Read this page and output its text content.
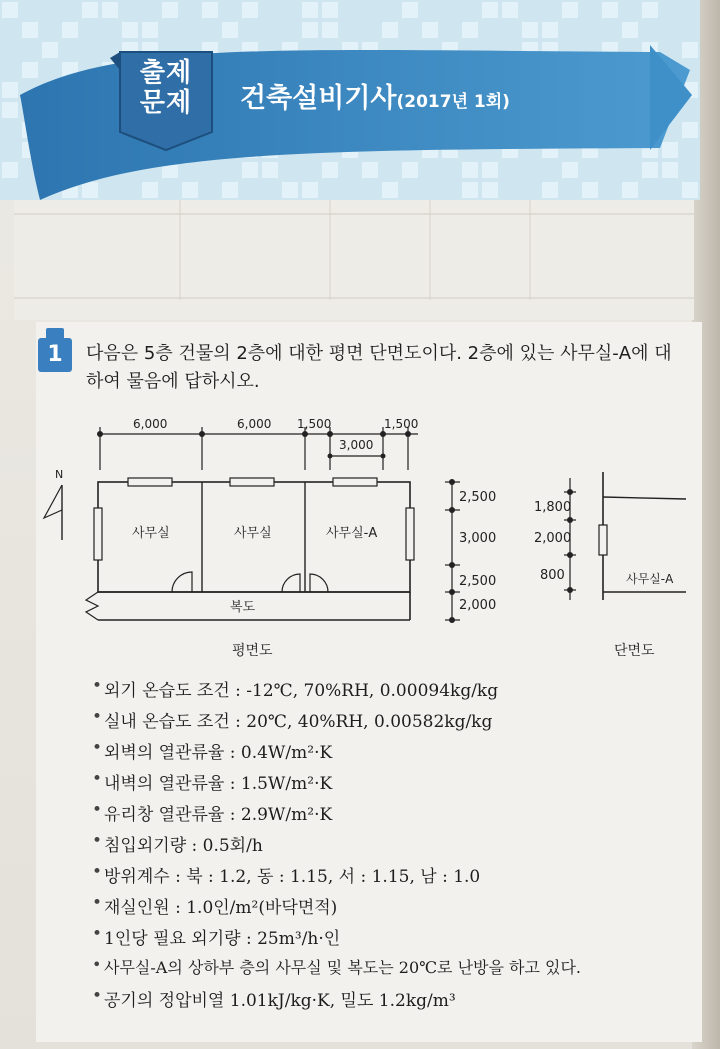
출제
문제	건축설비기사(2017년 1회)
1	다음은 5층 건물의 2층에 대한 평면 단면도이다. 2층에 있는 사무실-A에 대
하여 물음에 답하시오.
6,000	6,000 1,500
3,000
1,500
N
사무실	사무실	사무실-A
복도
2,500
3,000
2,500
2,000
평면도
1,800
2,000
800	사무실-A
단면도
• 외기 온습도 조건 : -12℃, 70%RH, 0.00094kg/kg
• 실내 온습도 조건 : 20℃, 40%RH, 0.00582kg/kg
• 외벽의 열관류율 : 0.4W/m²·K
• 내벽의 열관류율 : 1.5W/m²·K
• 유리창 열관류율 : 2.9W/m²·K
• 침입외기량 : 0.5회/h
• 방위계수 : 북 : 1.2, 동 : 1.15, 서 : 1.15, 남 : 1.0
• 재실인원 : 1.0인/m²(바닥면적)
• 1인당 필요 외기량 : 25m³/h·인
• 사무실-A의 상하부 층의 사무실 및 복도는 20℃로 난방을 하고 있다.
• 공기의 정압비열 1.01kJ/kg·K, 밀도 1.2kg/m³
